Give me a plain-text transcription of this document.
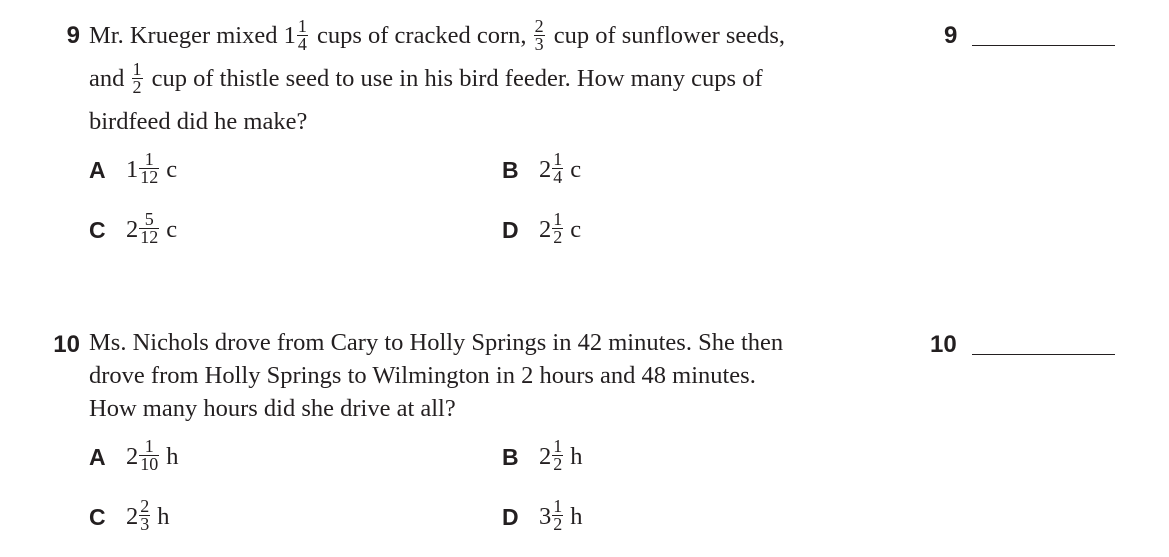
9 Mr. Krueger mixed $1 \frac{1}{4}$ cups of cracked corn, $\frac{2}{3}$ cup of sunflower seeds,
and $\frac{1}{2}$ cup of thistle seed to use in his bird feeder. How many cups of
birdfeed did he make?
A $1 \frac{1}{12}$ c	B $2 \frac{1}{4}$ c
C $2 \frac{5}{12}$ c	D $2 \frac{1}{2}$ c
9
10 Ms. Nichols drove from Cary to Holly Springs in 42 minutes. She then
drove from Holly Springs to Wilmington in 2 hours and 48 minutes.
How many hours did she drive at all?
A $2 \frac{1}{10}$ h	B $2 \frac{1}{2}$ h
C $2 \frac{2}{3}$ h	D $3 \frac{1}{2}$ h
10
